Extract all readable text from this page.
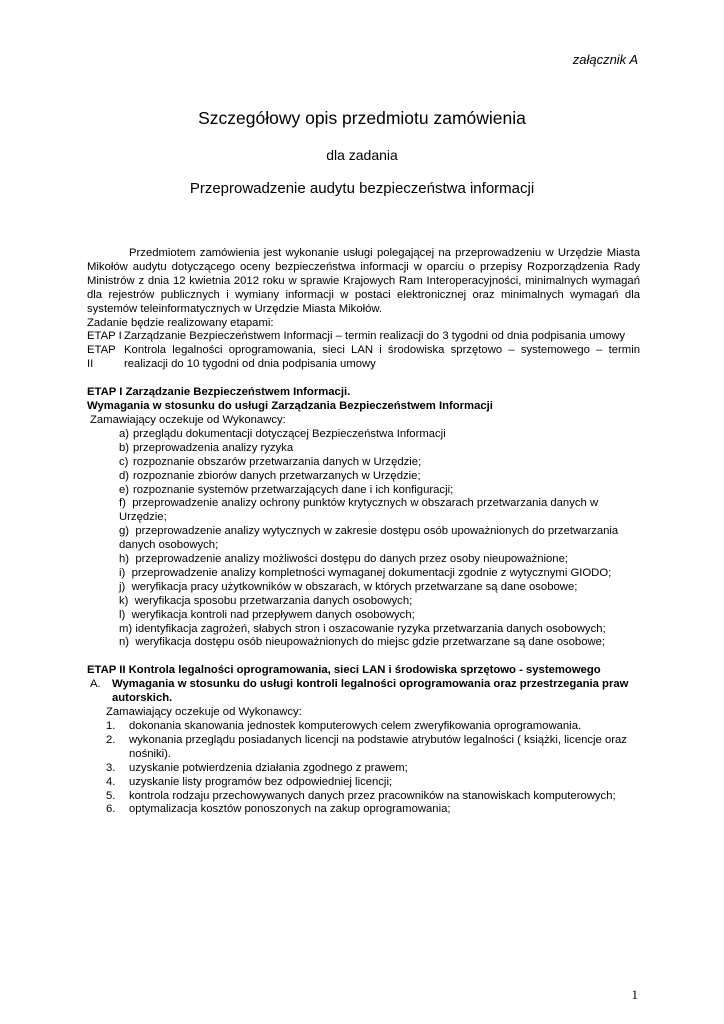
załącznik A
Szczegółowy opis przedmiotu zamówienia
dla zadania
Przeprowadzenie audytu bezpieczeństwa informacji
Przedmiotem zamówienia jest wykonanie usługi polegającej na przeprowadzeniu w Urzędzie Miasta Mikołów audytu dotyczącego oceny bezpieczeństwa informacji w oparciu o przepisy Rozporządzenia Rady Ministrów z dnia 12 kwietnia 2012 roku w sprawie Krajowych Ram Interoperacyjności, minimalnych wymagań dla rejestrów publicznych i wymiany informacji w postaci elektronicznej oraz minimalnych wymagań dla systemów teleinformatycznych w Urzędzie Miasta Mikołów.
Zadanie będzie realizowany etapami:
ETAP I Zarządzanie Bezpieczeństwem Informacji – termin realizacji do 3 tygodni od dnia podpisania umowy
ETAP II
Kontrola legalności oprogramowania, sieci LAN i środowiska sprzętowo – systemowego – termin realizacji do 10 tygodni od dnia podpisania umowy
ETAP I Zarządzanie Bezpieczeństwem Informacji.
Wymagania w stosunku do usługi Zarządzania Bezpieczeństwem Informacji
Zamawiający oczekuje od Wykonawcy:
a) przeglądu dokumentacji dotyczącej Bezpieczeństwa Informacji
b) przeprowadzenia analizy ryzyka
c) rozpoznanie obszarów przetwarzania danych w Urzędzie;
d) rozpoznanie zbiorów danych przetwarzanych w Urzędzie;
e) rozpoznanie systemów przetwarzających dane i ich konfiguracji;
f) przeprowadzenie analizy ochrony punktów krytycznych w obszarach przetwarzania danych w Urzędzie;
g) przeprowadzenie analizy wytycznych w zakresie dostępu osób upoważnionych do przetwarzania danych osobowych;
h) przeprowadzenie analizy możliwości dostępu do danych przez osoby nieupoważnione;
i) przeprowadzenie analizy kompletności wymaganej dokumentacji zgodnie z wytycznymi GIODO;
j) weryfikacja pracy użytkowników w obszarach, w których przetwarzane są dane osobowe;
k) weryfikacja sposobu przetwarzania danych osobowych;
l) weryfikacja kontroli nad przepływem danych osobowych;
m) identyfikacja zagrożeń, słabych stron i oszacowanie ryzyka przetwarzania danych osobowych;
n) weryfikacja dostępu osób nieupoważnionych do miejsc gdzie przetwarzane są dane osobowe;
ETAP II Kontrola legalności oprogramowania, sieci LAN i środowiska sprzętowo - systemowego
A.	Wymagania w stosunku do usługi kontroli legalności oprogramowania oraz przestrzegania praw autorskich.
Zamawiający oczekuje od Wykonawcy:
1.	dokonania skanowania jednostek komputerowych celem zweryfikowania oprogramowania.
2.	wykonania przeglądu posiadanych licencji na podstawie atrybutów legalności ( książki, licencje oraz nośniki).
3.	uzyskanie potwierdzenia działania zgodnego z prawem;
4.	uzyskanie listy programów bez odpowiedniej licencji;
5.	kontrola rodzaju przechowywanych danych przez pracowników na stanowiskach komputerowych;
6.	optymalizacja kosztów ponoszonych na zakup oprogramowania;
1
